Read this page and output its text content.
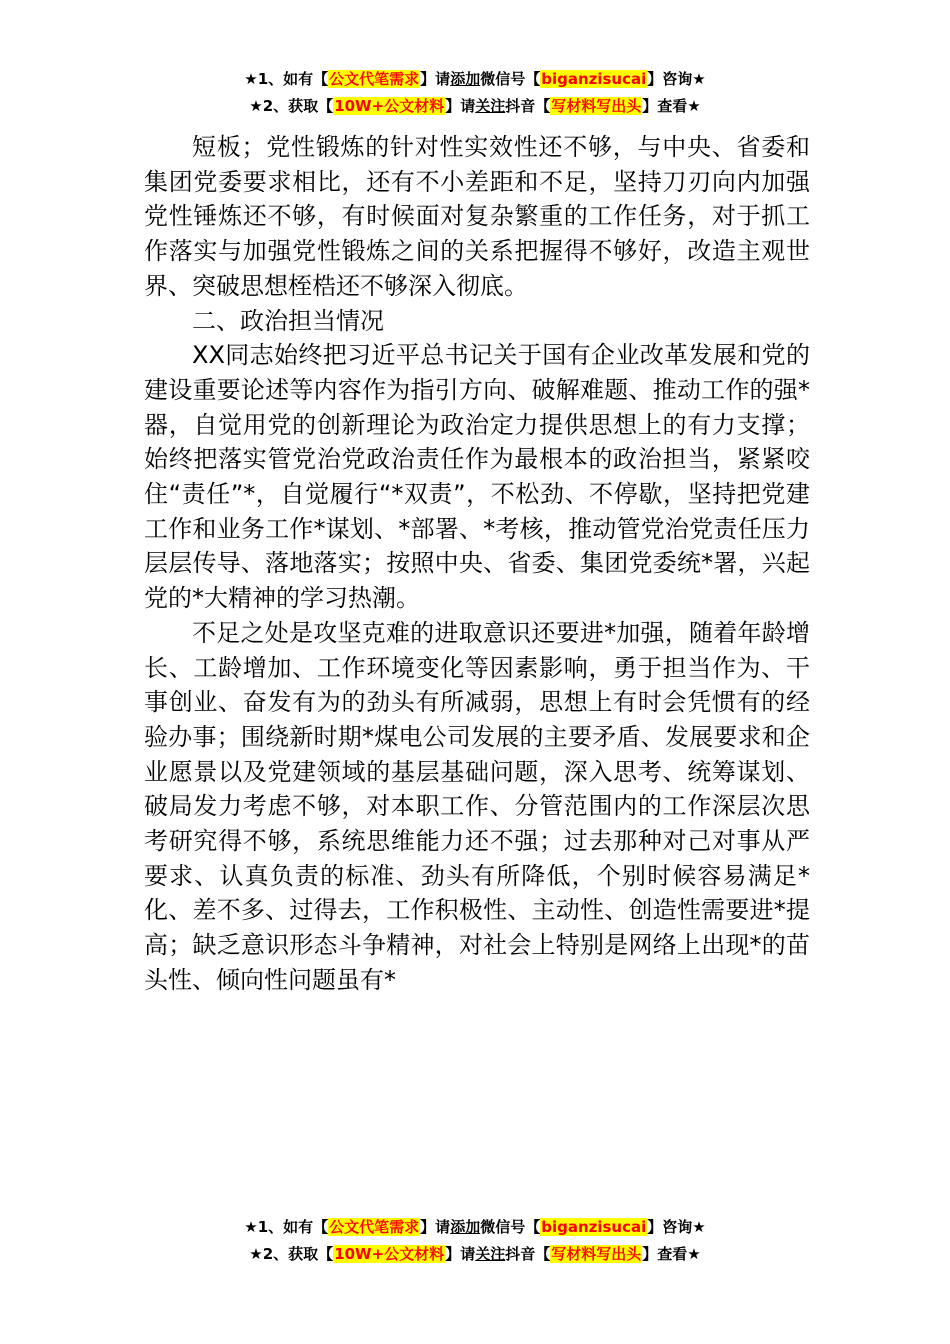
★1、如有【公文代笔需求】请添加微信号【biganzisucai】咨询★
★2、获取【10W+公文材料】请关注抖音【写材料写出头】查看★

短板；党性锻炼的针对性实效性还不够，与中央、省委和集团党委要求相比，还有不小差距和不足，坚持刀刃向内加强党性锤炼还不够，有时候面对复杂繁重的工作任务，对于抓工作落实与加强党性锻炼之间的关系把握得不够好，改造主观世界、突破思想桎梏还不够深入彻底。

二、政治担当情况

XX同志始终把习近平总书记关于国有企业改革发展和党的建设重要论述等内容作为指引方向、破解难题、推动工作的强*器，自觉用党的创新理论为政治定力提供思想上的有力支撑；始终把落实管党治党政治责任作为最根本的政治担当，紧紧咬住“责任”*，自觉履行“*双责”，不松劲、不停歇，坚持把党建工作和业务工作*谋划、*部署、*考核，推动管党治党责任压力层层传导、落地落实；按照中央、省委、集团党委统*署，兴起党的*大精神的学习热潮。

不足之处是攻坚克难的进取意识还要进*加强，随着年龄增长、工龄增加、工作环境变化等因素影响，勇于担当作为、干事创业、奋发有为的劲头有所减弱，思想上有时会凭惯有的经验办事；围绕新时期*煤电公司发展的主要矛盾、发展要求和企业愿景以及党建领域的基层基础问题，深入思考、统筹谋划、破局发力考虑不够，对本职工作、分管范围内的工作深层次思考研究得不够，系统思维能力还不强；过去那种对己对事从严要求、认真负责的标准、劲头有所降低，个别时候容易满足*化、差不多、过得去，工作积极性、主动性、创造性需要进*提高；缺乏意识形态斗争精神，对社会上特别是网络上出现*的苗头性、倾向性问题虽有*

★1、如有【公文代笔需求】请添加微信号【biganzisucai】咨询★
★2、获取【10W+公文材料】请关注抖音【写材料写出头】查看★
